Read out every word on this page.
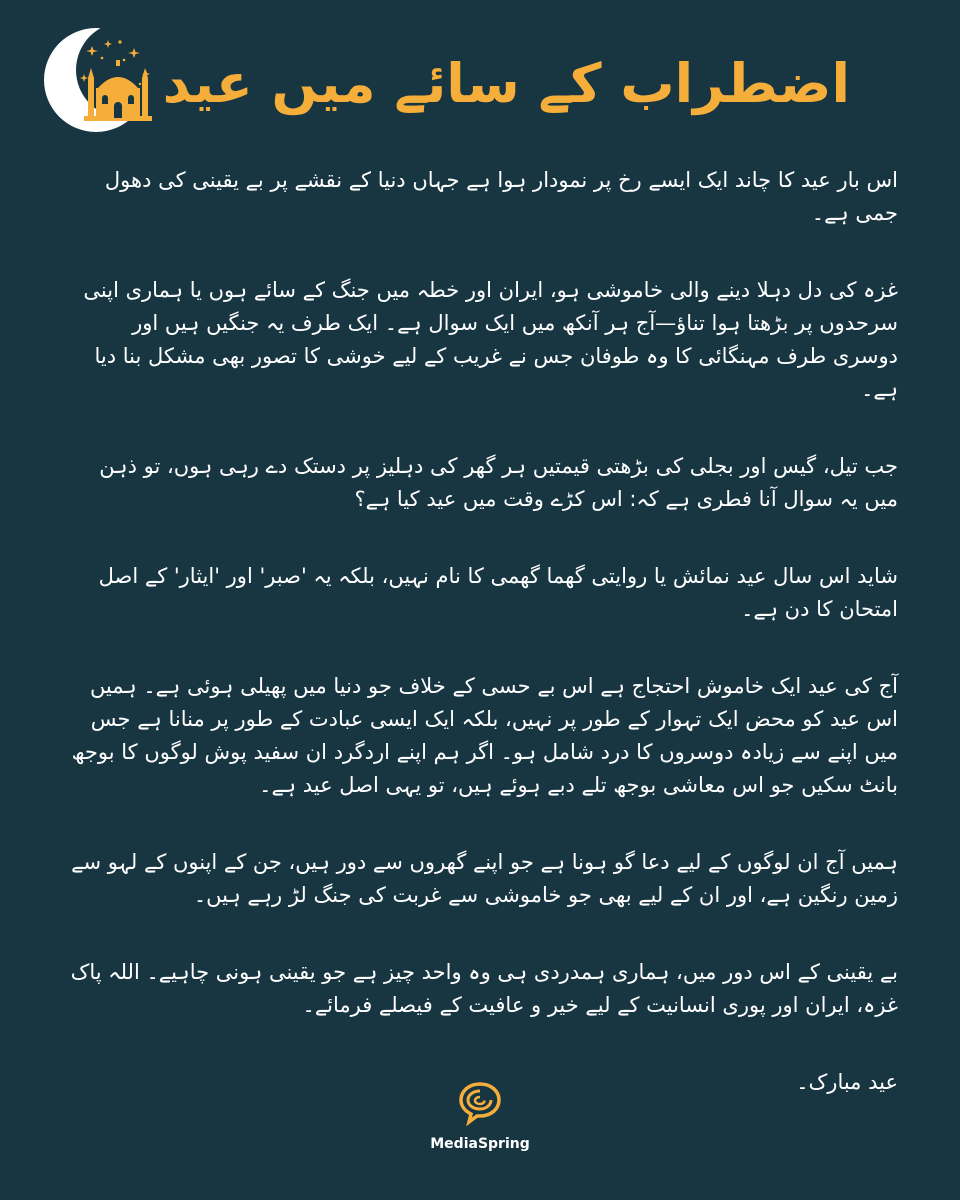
اضطراب کے سائے میں عید

اس بار عید کا چاند ایک ایسے رخ پر نمودار ہوا ہے جہاں دنیا کے نقشے پر بے یقینی کی دھول جمی ہے۔

غزہ کی دل دہلا دینے والی خاموشی ہو، ایران اور خطہ میں جنگ کے سائے ہوں یا ہماری اپنی سرحدوں پر بڑھتا ہوا تناؤ—آج ہر آنکھ میں ایک سوال ہے۔ ایک طرف یہ جنگیں ہیں اور دوسری طرف مہنگائی کا وہ طوفان جس نے غریب کے لیے خوشی کا تصور بھی مشکل بنا دیا ہے۔

جب تیل، گیس اور بجلی کی بڑھتی قیمتیں ہر گھر کی دہلیز پر دستک دے رہی ہوں، تو ذہن میں یہ سوال آنا فطری ہے کہ: اس کڑے وقت میں عید کیا ہے؟

شاید اس سال عید نمائش یا روایتی گھما گھمی کا نام نہیں، بلکہ یہ 'صبر' اور 'ایثار' کے اصل امتحان کا دن ہے۔

آج کی عید ایک خاموش احتجاج ہے اس بے حسی کے خلاف جو دنیا میں پھیلی ہوئی ہے۔ ہمیں اس عید کو محض ایک تہوار کے طور پر نہیں، بلکہ ایک ایسی عبادت کے طور پر منانا ہے جس میں اپنے سے زیادہ دوسروں کا درد شامل ہو۔ اگر ہم اپنے اردگرد ان سفید پوش لوگوں کا بوجھ بانٹ سکیں جو اس معاشی بوجھ تلے دبے ہوئے ہیں، تو یہی اصل عید ہے۔

ہمیں آج ان لوگوں کے لیے دعا گو ہونا ہے جو اپنے گھروں سے دور ہیں، جن کے اپنوں کے لہو سے زمین رنگین ہے، اور ان کے لیے بھی جو خاموشی سے غربت کی جنگ لڑ رہے ہیں۔

بے یقینی کے اس دور میں، ہماری ہمدردی ہی وہ واحد چیز ہے جو یقینی ہونی چاہیے۔ اللہ پاک غزہ، ایران اور پوری انسانیت کے لیے خیر و عافیت کے فیصلے فرمائے۔

عید مبارک۔

MediaSpring
